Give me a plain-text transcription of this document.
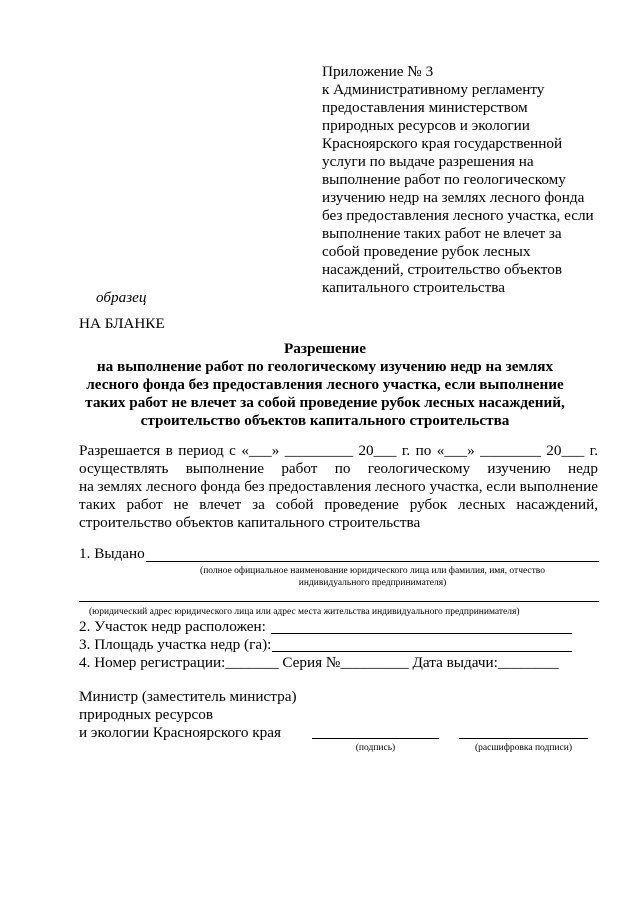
Приложение № 3
к Административному регламенту
предоставления министерством
природных ресурсов и экологии
Красноярского края государственной
услуги по выдаче разрешения на
выполнение работ по геологическому
изучению недр на землях лесного фонда
без предоставления лесного участка, если
выполнение таких работ не влечет за
собой проведение рубок лесных
насаждений, строительство объектов
капитального строительства
образец
НА БЛАНКЕ
Разрешение
на выполнение работ по геологическому изучению недр на землях
лесного фонда без предоставления лесного участка, если выполнение
таких работ не влечет за собой проведение рубок лесных насаждений,
строительство объектов капитального строительства
Разрешается в период с «___» _________ 20___ г. по «___» ________ 20___ г.
осуществлять выполнение работ по геологическому изучению недр
на землях лесного фонда без предоставления лесного участка, если выполнение
таких работ не влечет за собой проведение рубок лесных насаждений,
строительство объектов капитального строительства
1. Выдано
(полное официальное наименование юридического лица или фамилия, имя, отчество
индивидуального предпринимателя)
(юридический адрес юридического лица или адрес места жительства индивидуального предпринимателя)
2. Участок недр расположен:
3. Площадь участка недр (га):
4. Номер регистрации:_______ Серия №_________ Дата выдачи:________
Министр (заместитель министра)
природных ресурсов
и экологии Красноярского края
(подпись)	(расшифровка подписи)
